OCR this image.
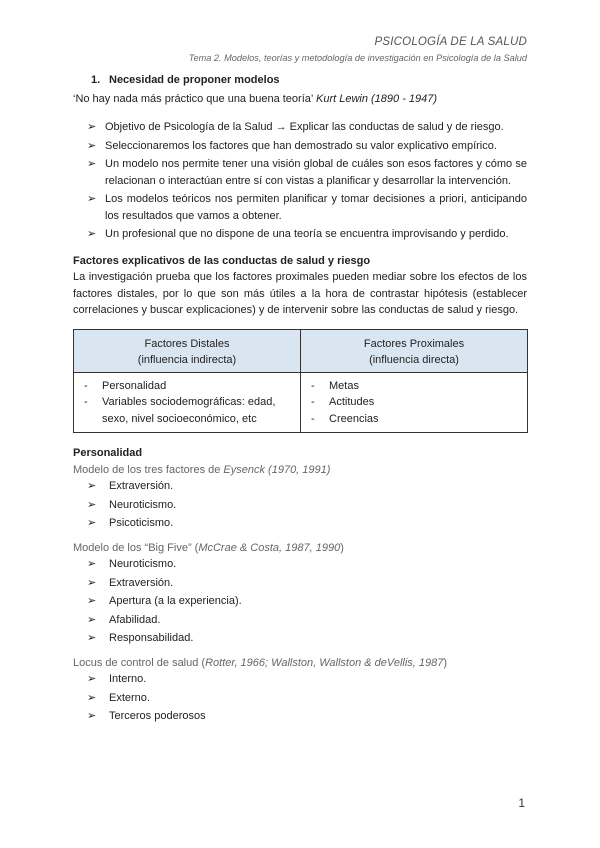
PSICOLOGÍA DE LA SALUD
Tema 2. Modelos, teorías y metodología de investigación en Psicología de la Salud
1. Necesidad de proponer modelos
‘No hay nada más práctico que una buena teoría’ Kurt Lewin (1890 - 1947)
➢ Objetivo de Psicología de la Salud → Explicar las conductas de salud y de riesgo.
➢ Seleccionaremos los factores que han demostrado su valor explicativo empírico.
➢ Un modelo nos permite tener una visión global de cuáles son esos factores y cómo se relacionan o interactúan entre sí con vistas a planificar y desarrollar la intervención.
➢ Los modelos teóricos nos permiten planificar y tomar decisiones a priori, anticipando los resultados que vamos a obtener.
➢ Un profesional que no dispone de una teoría se encuentra improvisando y perdido.
Factores explicativos de las conductas de salud y riesgo
La investigación prueba que los factores proximales pueden mediar sobre los efectos de los factores distales, por lo que son más útiles a la hora de contrastar hipótesis (establecer correlaciones y buscar explicaciones) y de intervenir sobre las conductas de salud y riesgo.
Factores Distales
(influencia indirecta)
Factores Proximales
(influencia directa)
- Personalidad
- Variables sociodemográficas: edad, sexo, nivel socioeconómico, etc
- Metas
- Actitudes
- Creencias
Personalidad
Modelo de los tres factores de Eysenck (1970, 1991)
➢ Extraversión.
➢ Neuroticismo.
➢ Psicoticismo.
Modelo de los “Big Five” (McCrae & Costa, 1987, 1990)
➢ Neuroticismo.
➢ Extraversión.
➢ Apertura (a la experiencia).
➢ Afabilidad.
➢ Responsabilidad.
Locus de control de salud (Rotter, 1966; Wallston, Wallston & deVellis, 1987)
➢ Interno.
➢ Externo.
➢ Terceros poderosos
1
